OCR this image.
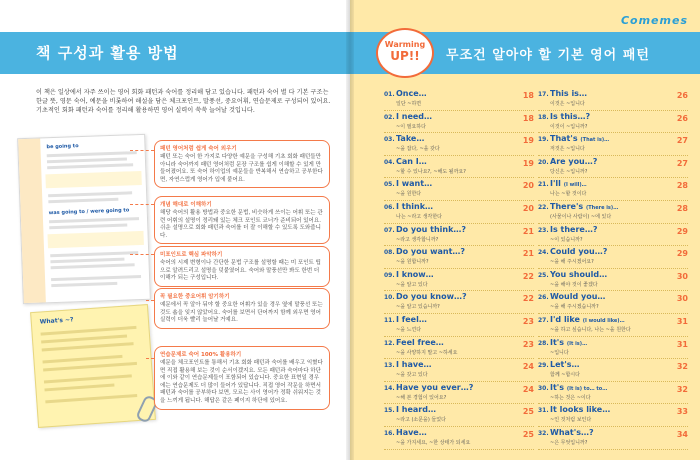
책 구성과 활용 방법
이 책은 일상에서 자주 쓰이는 영어 회화 패턴과 숙어를 정리해 담고 있습니다. 패턴과 숙어 별 다 기본 구조는 한글 뜻, 영문 숙어, 예문을 비롯하여 해설을 담은 체크포인트, 말풍선, 중요어휘, 연습문제로 구성되어 있어요. 기초적인 회화 패턴과 숙어를 정리해 활용하면 영어 실력이 쑥쑥 늘어날 것입니다.
be going to
was going to / were going to
What's ~?
패턴 영어처럼 쉽게 숙어 외우기
패턴 또는 숙어 한 가지로 다양한 예문을 구성해 기초 회화 패턴들만 아니라 숙어까지 패턴 영어처럼 문장 구조를 쉽게 이해할 수 있게 만들어졌어요. 또 숙어 하이업의 예문들을 반복해서 연습하고 공부한다면, 자연스럽게 영어가 입에 붙어요.
개념 해대로 이해하기
해당 숙어의 활용 방법과 중요한 문법, 비슷하게 쓰이는 어휘 또는 관련 어휘의 설명이 정리돼 있는 체크 포인트 코너가 준비되어 있어요. 쉬운 설명으로 회화 패턴과 숙어를 더 잘 이해할 수 있도록 도와줍니다.
미포인트로 핵심 파악하기
숙어의 시제 변형이나 간단한 문법 구조를 설명할 때는 미 포인트 팁으로 알려드리고 설명을 덧붙였어요. 숙어와 말풍선만 봐도 한번 더 이해가 되는 구성입니다.
꼭 필요한 중요어휘 암기하기
예문에서 꼭 알아 둬야 할 중요한 어휘가 있을 경우 옆에 말풍선 또는 것도 숍을 잊지 않았어요. 숙어를 보면서 단어까지 함께 외우면 영어 실력이 더욱 빨리 늘어날 거예요.
연습문제로 숙어 100% 활용하기
예문을 체크포인트를 통해서 기초 회화 패턴과 숙어를 배우고 익혔다면 직접 활용해 보는 것이 순서이겠지요. 모든 패턴과 숙어마다 하단에 이와 같이 연습문제들이 포함되어 있습니다. 중요한 표현일 경우에는 연습문제도 더 많이 들어가 있답니다. 직접 영어 작문을 하면서 패턴과 숙어를 공부하다 보면, 모르는 사이 영어가 정확 쉬워지는 것을 느끼게 됩니다. 해답은 같은 페이지 하단에 있어요.
Comemes
Warming
UP!!	무조건 알아야 할 기본 영어 패턴
01. Once…
일단 ~하면
18
02. I need…
~이 필요하다
18
03. Take…
~을 잡다, ~을 갖다
19
04. Can I…
~할 수 있나요?, ~해도 될까요?
19
05. I want…
~을 원한다
20
06. I think…
나는 ~라고 생각한다
20
07. Do you think…?
~라고 생각합니까?
21
08. Do you want…?
~을 원합니까?
21
09. I know…
~을 알고 있다
22
10. Do you know…?
~을 알고 있습니까?
22
11. I feel…
~을 느낀다
23
12. Feel free…
~을 사양하지 말고 ~하세요
23
13. I have…
~을 갖고 있다
24
14. Have you ever…?
~해 본 경험이 있어요?
24
15. I heard…
~라고 (소문을) 들었다
25
16. Have…
~을 가지세요, ~한 상태가 되세요
25
17. This is…
이것은 ~입니다
26
18. Is this…?
이것이 ~입니까?
26
19. That's (That is)…
저것은 ~입니다
27
20. Are you…?
당신은 ~입니까?
27
21. I'll (I will)…
나는 ~할 것이다
28
22. There's (There is)…
(사물이나 사람이) ~에 있다
28
23. Is there…?
~이 있습니까?
29
24. Could you…?
~을 해 주시겠어요?
29
25. You should…
~을 해야 것이 좋겠다
30
26. Would you…
~을 해 주시겠습니까?
30
27. I'd like (I would like)…
~을 하고 싶습니다, 나는 ~을 원한다
31
28. It's (It is)…
~입니다
31
29. Let's…
함께 ~합시다
32
30. It's (It is) to… to…
~하는 것은 ~이다
32
31. It looks like…
~인 것처럼 보인다
33
32. What's…?
~은 무엇입니까?
34
